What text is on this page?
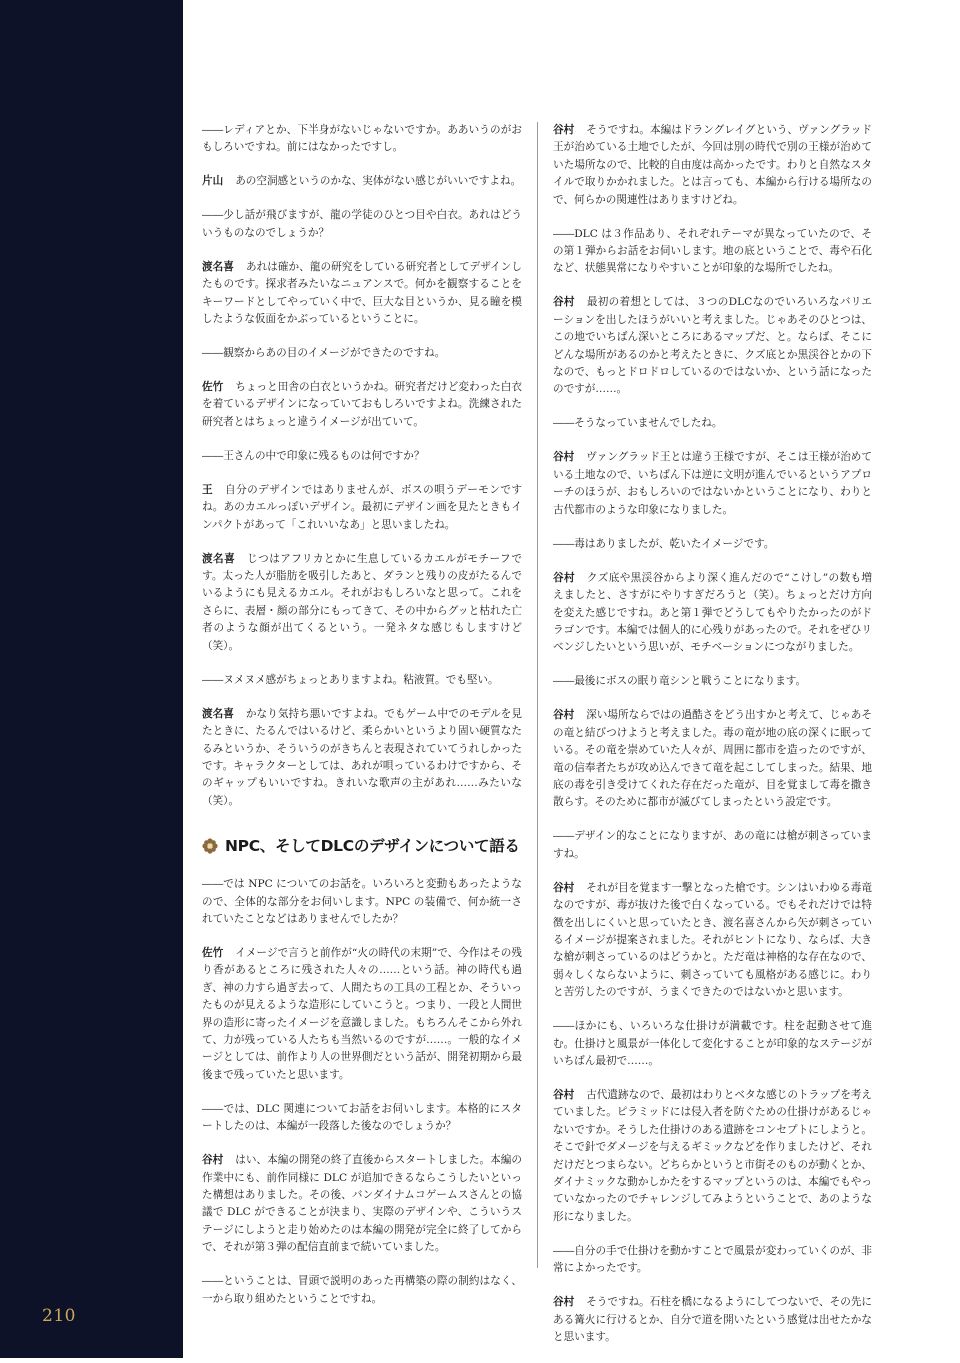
210

――レディアとか、下半身がないじゃないですか。ああいうのがおもしろいですね。前にはなかったですし。

片山 あの空洞感というのかな、実体がない感じがいいですよね。

――少し話が飛びますが、龍の学徒のひとつ目や白衣。あれはどういうものなのでしょうか？

渡名喜 あれは確か、龍の研究をしている研究者としてデザインしたものです。探求者みたいなニュアンスで。何かを観察することをキーワードとしてやっていく中で、巨大な目というか、見る瞳を模したような仮面をかぶっているということに。

――観察からあの目のイメージができたのですね。

佐竹 ちょっと田舎の白衣というかね。研究者だけど変わった白衣を着ているデザインになっていておもしろいですよね。洗練された研究者とはちょっと違うイメージが出ていて。

――王さんの中で印象に残るものは何ですか？

王 自分のデザインではありませんが、ボスの唄うデーモンですね。あのカエルっぽいデザイン。最初にデザイン画を見たときもインパクトがあって「これいいなあ」と思いましたね。

渡名喜 じつはアフリカとかに生息しているカエルがモチーフです。太った人が脂肪を吸引したあと、ダランと残りの皮がたるんでいるようにも見えるカエル。それがおもしろいなと思って。これをさらに、表層・顔の部分にもってきて、その中からグッと枯れた亡者のような顔が出てくるという。一発ネタな感じもしますけど（笑）。

――ヌメヌメ感がちょっとありますよね。粘液質。でも堅い。

渡名喜 かなり気持ち悪いですよね。でもゲーム中でのモデルを見たときに、たるんではいるけど、柔らかいというより固い硬質なたるみというか、そういうのがきちんと表現されていてうれしかったです。キャラクターとしては、あれが唄っているわけですから、そのギャップもいいですね。きれいな歌声の主があれ……みたいな（笑）。

NPC、そしてDLCのデザインについて語る

――では NPC についてのお話を。いろいろと変動もあったようなので、全体的な部分をお伺いします。NPC の装備で、何か統一されていたことなどはありませんでしたか？

佐竹 イメージで言うと前作が“火の時代の末期”で、今作はその残り香があるところに残された人々の……という話。神の時代も過ぎ、神の力すら過ぎ去って、人間たちの工具の工程とか、そういったものが見えるような造形にしていこうと。つまり、一段と人間世界の造形に寄ったイメージを意識しました。もちろんそこから外れて、力が残っている人たちも当然いるのですが……。一般的なイメージとしては、前作より人の世界側だという話が、開発初期から最後まで残っていたと思います。

――では、DLC 関連についてお話をお伺いします。本格的にスタートしたのは、本編が一段落した後なのでしょうか？

谷村 はい、本編の開発の終了直後からスタートしました。本編の作業中にも、前作同様に DLC が追加できるならこうしたいといった構想はありました。その後、バンダイナムコゲームスさんとの協議で DLC ができることが決まり、実際のデザインや、こういうステージにしようと走り始めたのは本編の開発が完全に終了してからで、それが第３弾の配信直前まで続いていました。

――ということは、冒頭で説明のあった再構築の際の制約はなく、一から取り組めたということですね。

谷村 そうですね。本編はドラングレイグという、ヴァングラッド王が治めている土地でしたが、今回は別の時代で別の王様が治めていた場所なので、比較的自由度は高かったです。わりと自然なスタイルで取りかかれました。とは言っても、本編から行ける場所なので、何らかの関連性はありますけどね。

――DLC は３作品あり、それぞれテーマが異なっていたので、その第１弾からお話をお伺いします。地の底ということで、毒や石化など、状態異常になりやすいことが印象的な場所でしたね。

谷村 最初の着想としては、３つのDLCなのでいろいろなバリエーションを出したほうがいいと考えました。じゃあそのひとつは、この地でいちばん深いところにあるマップだ、と。ならば、そこにどんな場所があるのかと考えたときに、クズ底とか黒渓谷とかの下なので、もっとドロドロしているのではないか、という話になったのですが……。

――そうなっていませんでしたね。

谷村 ヴァングラッド王とは違う王様ですが、そこは王様が治めている土地なので、いちばん下は逆に文明が進んでいるというアプローチのほうが、おもしろいのではないかということになり、わりと古代都市のような印象になりました。

――毒はありましたが、乾いたイメージです。

谷村 クズ底や黒渓谷からより深く進んだので“こけし”の数も増えましたと、さすがにやりすぎだろうと（笑）。ちょっとだけ方向を変えた感じですね。あと第１弾でどうしてもやりたかったのがドラゴンです。本編では個人的に心残りがあったので。それをぜひリベンジしたいという思いが、モチベーションにつながりました。

――最後にボスの眠り竜シンと戦うことになります。

谷村 深い場所ならではの過酷さをどう出すかと考えて、じゃあその竜と結びつけようと考えました。毒の竜が地の底の深くに眠っている。その竜を崇めていた人々が、周囲に都市を造ったのですが、竜の信奉者たちが攻め込んできて竜を起こしてしまった。結果、地底の毒を引き受けてくれた存在だった竜が、目を覚まして毒を撒き散らす。そのために都市が滅びてしまったという設定です。

――デザイン的なことになりますが、あの竜には槍が刺さっていますね。

谷村 それが目を覚ます一撃となった槍です。シンはいわゆる毒竜なのですが、毒が抜けた後で白くなっている。でもそれだけでは特徴を出しにくいと思っていたとき、渡名喜さんから矢が刺さっているイメージが提案されました。それがヒントになり、ならば、大きな槍が刺さっているのはどうかと。ただ竜は神格的な存在なので、弱々しくならないように、刺さっていても風格がある感じに。わりと苦労したのですが、うまくできたのではないかと思います。

――ほかにも、いろいろな仕掛けが満載です。柱を起動させて進む。仕掛けと風景が一体化して変化することが印象的なステージがいちばん最初で……。

谷村 古代遺跡なので、最初はわりとベタな感じのトラップを考えていました。ピラミッドには侵入者を防ぐための仕掛けがあるじゃないですか。そうした仕掛けのある遺跡をコンセプトにしようと。そこで針でダメージを与えるギミックなどを作りましたけど、それだけだとつまらない。どちらかというと市街そのものが動くとか、ダイナミックな動かしかたをするマップというのは、本編でもやっていなかったのでチャレンジしてみようということで、あのような形になりました。

――自分の手で仕掛けを動かすことで風景が変わっていくのが、非常によかったです。

谷村 そうですね。石柱を橋になるようにしてつないで、その先にある篝火に行けるとか、自分で道を開いたという感覚は出せたかなと思います。
